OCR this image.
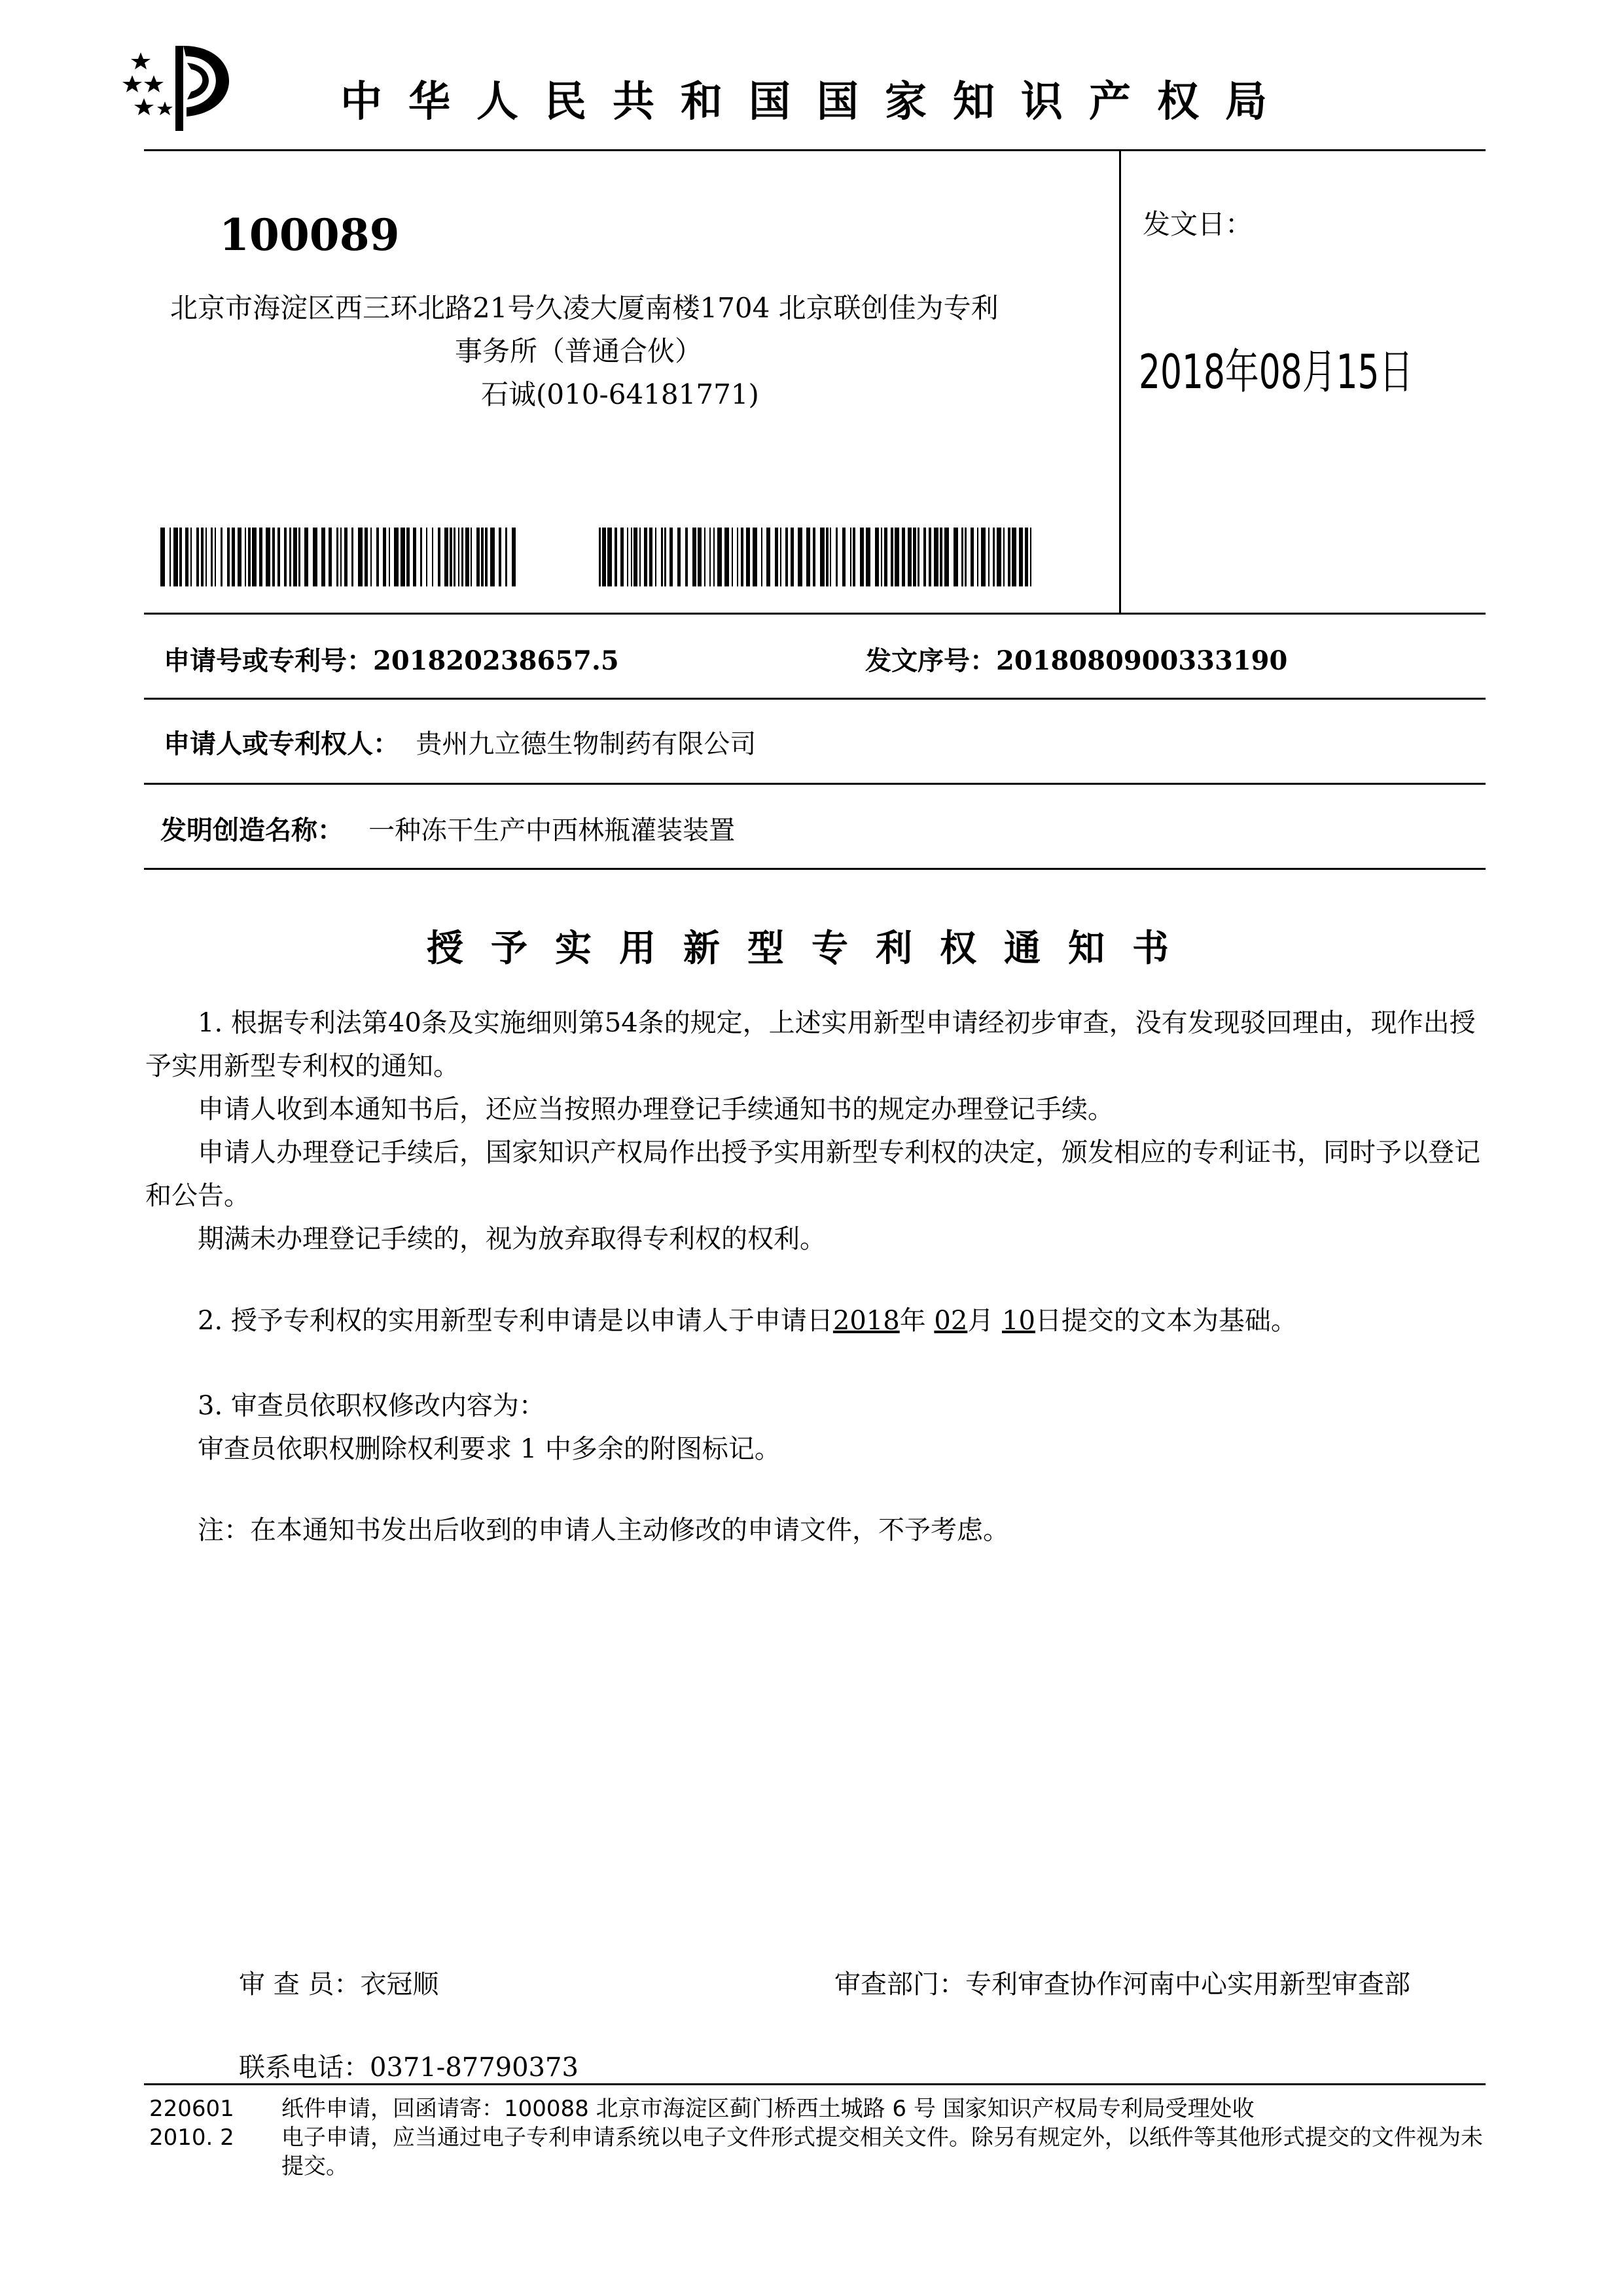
中华人民共和国国家知识产权局
100089
北京市海淀区西三环北路21号久凌大厦南楼1704 北京联创佳为专利
事务所（普通合伙）
石诚(010-64181771)
发文日：
2018年08月15日
申请号或专利号：201820238657.5	发文序号：2018080900333190
申请人或专利权人： 贵州九立德生物制药有限公司
发明创造名称： 一种冻干生产中西林瓶灌装装置
授予实用新型专利权通知书
1. 根据专利法第40条及实施细则第54条的规定，上述实用新型申请经初步审查，没有发现驳回理由，现作出授予实用新型专利权的通知。
申请人收到本通知书后，还应当按照办理登记手续通知书的规定办理登记手续。
申请人办理登记手续后，国家知识产权局作出授予实用新型专利权的决定，颁发相应的专利证书，同时予以登记和公告。
期满未办理登记手续的，视为放弃取得专利权的权利。
2. 授予专利权的实用新型专利申请是以申请人于申请日2018年 02月 10日提交的文本为基础。
3. 审查员依职权修改内容为：
审查员依职权删除权利要求 1 中多余的附图标记。
注：在本通知书发出后收到的申请人主动修改的申请文件，不予考虑。
审 查 员：衣冠顺	审查部门：专利审查协作河南中心实用新型审查部
联系电话：0371-87790373
220601
2010. 2
纸件申请，回函请寄：100088 北京市海淀区蓟门桥西土城路 6 号 国家知识产权局专利局受理处收
电子申请，应当通过电子专利申请系统以电子文件形式提交相关文件。除另有规定外，以纸件等其他形式提交的文件视为未提交。
